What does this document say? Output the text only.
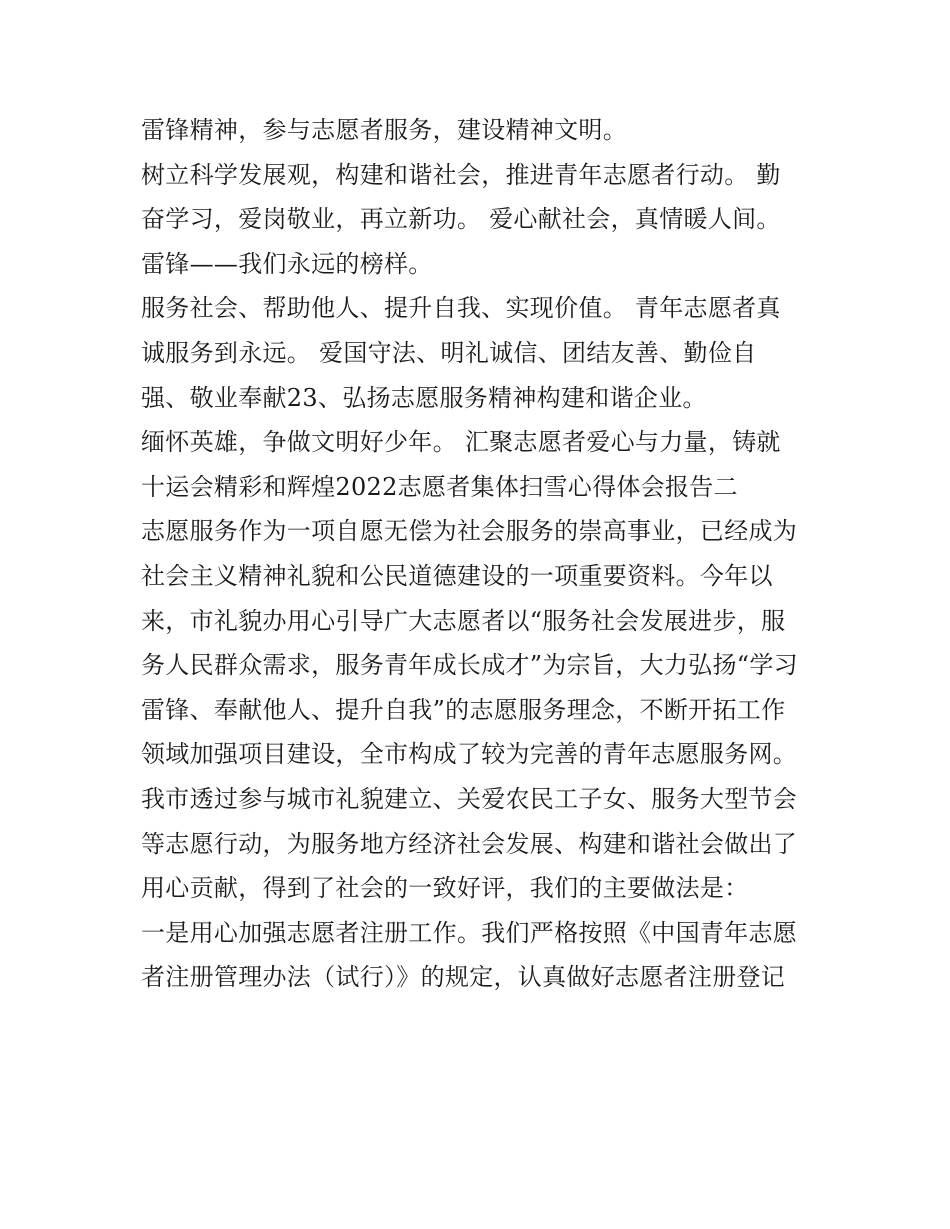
雷锋精神，参与志愿者服务，建设精神文明。
树立科学发展观，构建和谐社会，推进青年志愿者行动。 勤
奋学习，爱岗敬业，再立新功。 爱心献社会，真情暖人间。
雷锋——我们永远的榜样。
服务社会、帮助他人、提升自我、实现价值。 青年志愿者真
诚服务到永远。 爱国守法、明礼诚信、团结友善、勤俭自
强、敬业奉献23、弘扬志愿服务精神构建和谐企业。
缅怀英雄，争做文明好少年。 汇聚志愿者爱心与力量，铸就
十运会精彩和辉煌2022志愿者集体扫雪心得体会报告二
志愿服务作为一项自愿无偿为社会服务的崇高事业，已经成为
社会主义精神礼貌和公民道德建设的一项重要资料。今年以
来，市礼貌办用心引导广大志愿者以“服务社会发展进步，服
务人民群众需求，服务青年成长成才”为宗旨，大力弘扬“学习
雷锋、奉献他人、提升自我”的志愿服务理念，不断开拓工作
领域加强项目建设，全市构成了较为完善的青年志愿服务网。
我市透过参与城市礼貌建立、关爱农民工子女、服务大型节会
等志愿行动，为服务地方经济社会发展、构建和谐社会做出了
用心贡献，得到了社会的一致好评，我们的主要做法是：
一是用心加强志愿者注册工作。我们严格按照《中国青年志愿
者注册管理办法（试行）》的规定，认真做好志愿者注册登记
